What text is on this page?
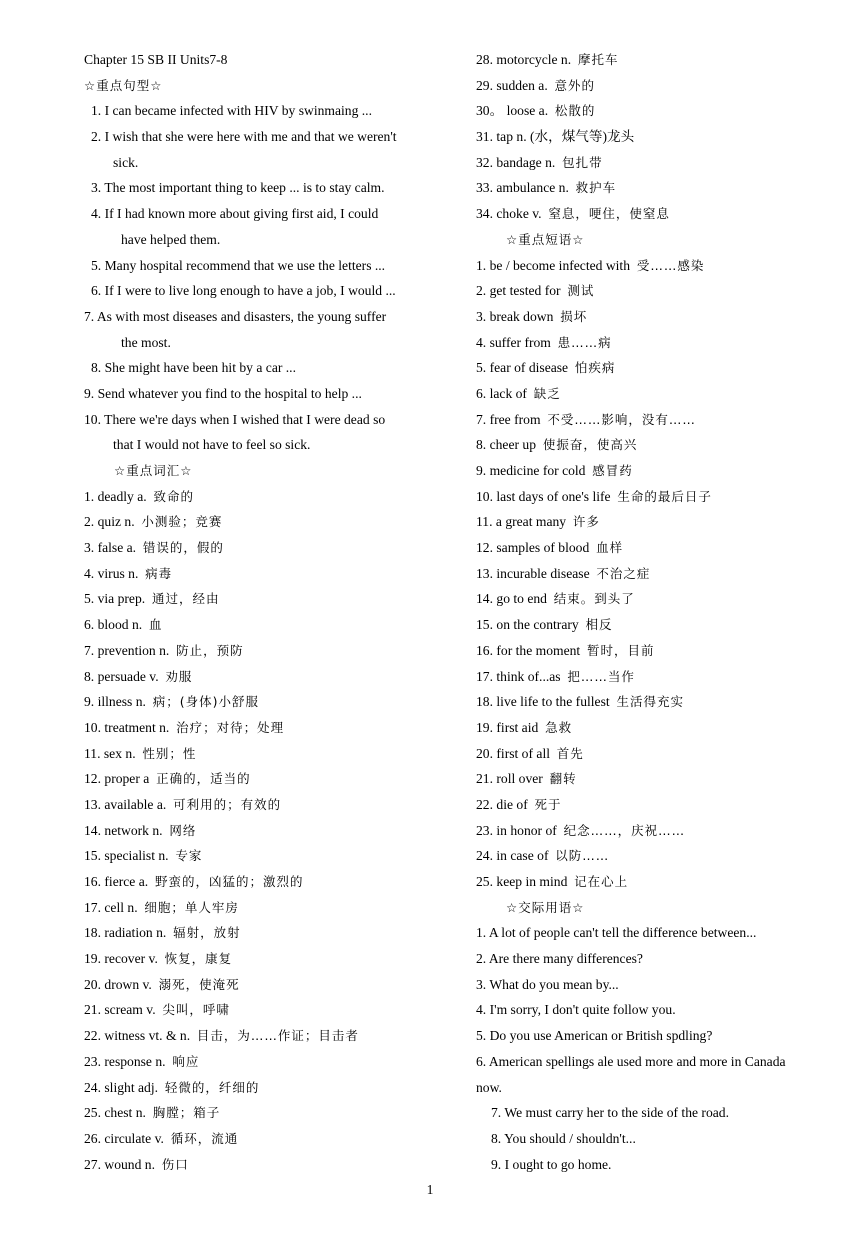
Chapter 15 SB II Units7-8
☆重点句型☆
1. I can became infected with HIV by swinmaing ...
2. I wish that she were here with me and that we weren't
sick.
3. The most important thing to keep ... is to stay calm.
4. If I had known more about giving first aid, I could
have helped them.
5. Many hospital recommend that we use the letters ...
6. If I were to live long enough to have a job, I would ...
7. As with most diseases and disasters, the young suffer
the most.
8. She might have been hit by a car ...
9. Send whatever you find to the hospital to help ...
10. There we're days when I wished that I were dead so
that I would not have to feel so sick.
☆重点词汇☆
1. deadly a. 致命的
2. quiz n. 小测验；竞赛
3. false a. 错误的，假的
4. virus n. 病毒
5. via prep. 通过，经由
6. blood n. 血
7. prevention n. 防止，预防
8. persuade v. 劝服
9. illness n. 病；(身体)小舒服
10. treatment n. 治疗；对待；处理
11. sex n. 性别；性
12. proper a 正确的，适当的
13. available a. 可利用的；有效的
14. network n. 网络
15. specialist n. 专家
16. fierce a. 野蛮的，凶猛的；激烈的
17. cell n. 细胞；单人牢房
18. radiation n. 辐射，放射
19. recover v. 恢复，康复
20. drown v. 溺死，使淹死
21. scream v. 尖叫，呼啸
22. witness vt. & n. 目击，为……作证；目击者
23. response n. 响应
24. slight adj. 轻微的，纤细的
25. chest n. 胸膛；箱子
26. circulate v. 循环，流通
27. wound n. 伤口
28. motorcycle n. 摩托车
29. sudden a. 意外的
30。 loose a. 松散的
31. tap n. (水，煤气等)龙头
32. bandage n. 包扎带
33. ambulance n. 救护车
34. choke v. 窒息，哽住，使窒息
☆重点短语☆
1. be / become infected with 受……感染
2. get tested for 测试
3. break down 损坏
4. suffer from 患……病
5. fear of disease 怕疾病
6. lack of 缺乏
7. free from 不受……影响，没有……
8. cheer up 使振奋，使高兴
9. medicine for cold 感冒药
10. last days of one's life 生命的最后日子
11. a great many 许多
12. samples of blood 血样
13. incurable disease 不治之症
14. go to end 结束。到头了
15. on the contrary 相反
16. for the moment 暂时，目前
17. think of...as 把……当作
18. live life to the fullest 生活得充实
19. first aid 急救
20. first of all 首先
21. roll over 翻转
22. die of 死于
23. in honor of 纪念……，庆祝……
24. in case of 以防……
25. keep in mind 记在心上
☆交际用语☆
1. A lot of people can't tell the difference between...
2. Are there many differences?
3. What do you mean by...
4. I'm sorry, I don't quite follow you.
5. Do you use American or British spdling?
6. American spellings ale used more and more in Canada
now.
7. We must carry her to the side of the road.
8. You should / shouldn't...
9. I ought to go home.
1
